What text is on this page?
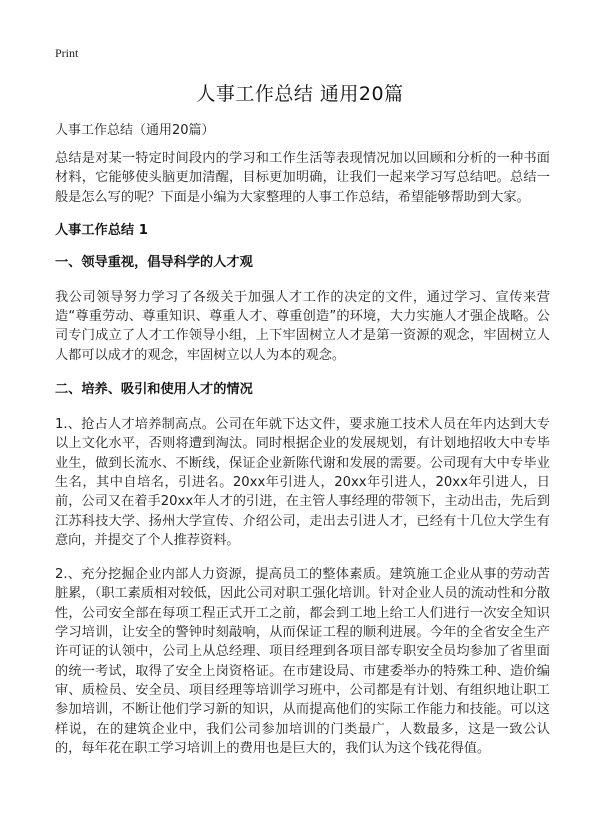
Print
人事工作总结 通用20篇
人事工作总结（通用20篇）

总结是对某一特定时间段内的学习和工作生活等表现情况加以回顾和分析的一种书面材料，它能够使头脑更加清醒，目标更加明确，让我们一起来学习写总结吧。总结一般是怎么写的呢？下面是小编为大家整理的人事工作总结，希望能够帮助到大家。

人事工作总结 1
一、领导重视，倡导科学的人才观

我公司领导努力学习了各级关于加强人才工作的决定的文件，通过学习、宣传来营造“尊重劳动、尊重知识、尊重人才、尊重创造”的环境，大力实施人才强企战略。公司专门成立了人才工作领导小组，上下牢固树立人才是第一资源的观念，牢固树立人人都可以成才的观念，牢固树立以人为本的观念。

二、培养、吸引和使用人才的情况

1.、抢占人才培养制高点。公司在年就下达文件，要求施工技术人员在年内达到大专以上文化水平，否则将遭到淘汰。同时根据企业的发展规划，有计划地招收大中专毕业生，做到长流水、不断线，保证企业新陈代谢和发展的需要。公司现有大中专毕业生名，其中自培名，引进名。20xx年引进人，20xx年引进人，20xx年引进人，日前，公司又在着手20xx年人才的引进，在主管人事经理的带领下，主动出击，先后到江苏科技大学、扬州大学宣传、介绍公司，走出去引进人才，已经有十几位大学生有意向，并提交了个人推荐资料。

2.、充分挖掘企业内部人力资源，提高员工的整体素质。建筑施工企业从事的劳动苦脏累，（职工素质相对较低，因此公司对职工强化培训。针对企业人员的流动性和分散性，公司安全部在每项工程正式开工之前，都会到工地上给工人们进行一次安全知识学习培训，让安全的警钟时刻敲响，从而保证工程的顺利进展。今年的全省安全生产许可证的认领中，公司上从总经理、项目经理到各项目部专职安全员均参加了省里面的统一考试，取得了安全上岗资格证。在市建设局、市建委举办的特殊工种、造价编审、质检员、安全员、项目经理等培训学习班中，公司都是有计划、有组织地让职工参加培训，不断让他们学习新的知识，从而提高他们的实际工作能力和技能。可以这样说，在的建筑企业中，我们公司参加培训的门类最广，人数最多，这是一致公认的，每年花在职工学习培训上的费用也是巨大的，我们认为这个钱花得值。
